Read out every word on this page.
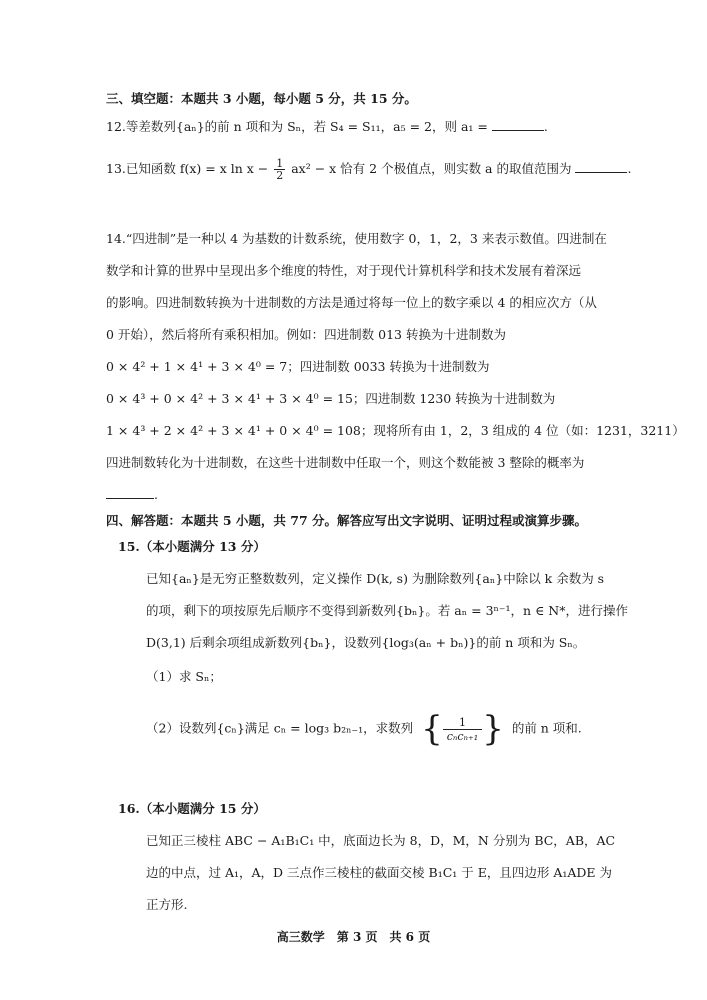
三、填空题：本题共 3 小题，每小题 5 分，共 15 分。
12.等差数列{aₙ}的前 n 项和为 Sₙ，若 S₄ = S₁₁，a₅ = 2，则 a₁ =	.
13.已知函数 f(x) = x $\ln x - \frac{1}{2} ax^2 - x$ 恰有 2 个极值点，则实数 a 的取值范围为	.
14.“四进制”是一种以 4 为基数的计数系统，使用数字 0，1，2，3 来表示数值。四进制在
数学和计算的世界中呈现出多个维度的特性，对于现代计算机科学和技术发展有着深远
的影响。四进制数转换为十进制数的方法是通过将每一位上的数字乘以 4 的相应次方（从
0 开始），然后将所有乘积相加。例如：四进制数 013 转换为十进制数为
0 × 4² + 1 × 4¹ + 3 × 4⁰ = 7；四进制数 0033 转换为十进制数为
0 × 4³ + 0 × 4² + 3 × 4¹ + 3 × 4⁰ = 15；四进制数 1230 转换为十进制数为
1 × 4³ + 2 × 4² + 3 × 4¹ + 0 × 4⁰ = 108；现将所有由 1，2，3 组成的 4 位（如：1231，3211）
四进制数转化为十进制数，在这些十进制数中任取一个，则这个数能被 3 整除的概率为
.
四、解答题：本题共 5 小题，共 77 分。解答应写出文字说明、证明过程或演算步骤。
15.（本小题满分 13 分）
已知{aₙ}是无穷正整数数列，定义操作 D(k, s) 为删除数列{aₙ}中除以 k 余数为 s
的项，剩下的项按原先后顺序不变得到新数列{bₙ}。若 aₙ = 3ⁿ⁻¹，n ∈ N*，进行操作
D(3,1) 后剩余项组成新数列{bₙ}，设数列{log₃(aₙ + bₙ)}的前 n 项和为 Sₙ。
（1）求 Sₙ；
（2）设数列{cₙ}满足 cₙ = log₃ b₂ₙ₋₁，求数列 {	1
cₙcₙ₊₁ } 的前 n 项和.
16.（本小题满分 15 分）
已知正三棱柱 ABC − A₁B₁C₁ 中，底面边长为 8，D，M，N 分别为 BC，AB，AC
边的中点，过 A₁，A，D 三点作三棱柱的截面交棱 B₁C₁ 于 E，且四边形 A₁ADE 为
正方形.
高三数学　第 3 页　共 6 页
